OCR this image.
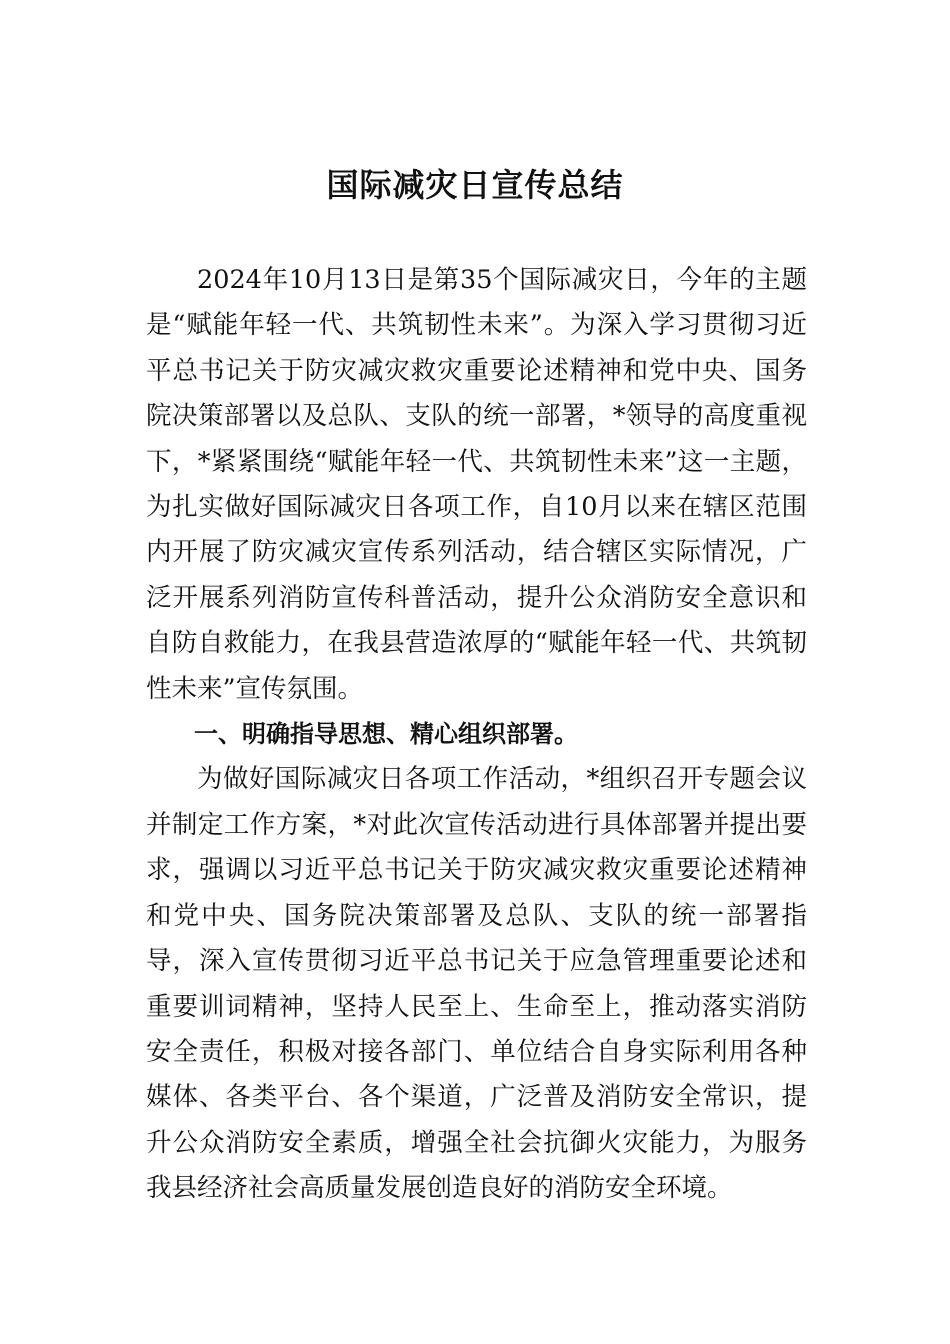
国际减灾日宣传总结

2024年10月13日是第35个国际减灾日，今年的主题是“赋能年轻一代、共筑韧性未来”。为深入学习贯彻习近平总书记关于防灾减灾救灾重要论述精神和党中央、国务院决策部署以及总队、支队的统一部署，*领导的高度重视下，*紧紧围绕“赋能年轻一代、共筑韧性未来”这一主题，为扎实做好国际减灾日各项工作，自10月以来在辖区范围内开展了防灾减灾宣传系列活动，结合辖区实际情况，广泛开展系列消防宣传科普活动，提升公众消防安全意识和自防自救能力，在我县营造浓厚的“赋能年轻一代、共筑韧性未来”宣传氛围。

一、明确指导思想、精心组织部署。

为做好国际减灾日各项工作活动，*组织召开专题会议并制定工作方案，*对此次宣传活动进行具体部署并提出要求，强调以习近平总书记关于防灾减灾救灾重要论述精神和党中央、国务院决策部署及总队、支队的统一部署指导，深入宣传贯彻习近平总书记关于应急管理重要论述和重要训词精神，坚持人民至上、生命至上，推动落实消防安全责任，积极对接各部门、单位结合自身实际利用各种媒体、各类平台、各个渠道，广泛普及消防安全常识，提升公众消防安全素质，增强全社会抗御火灾能力，为服务我县经济社会高质量发展创造良好的消防安全环境。
